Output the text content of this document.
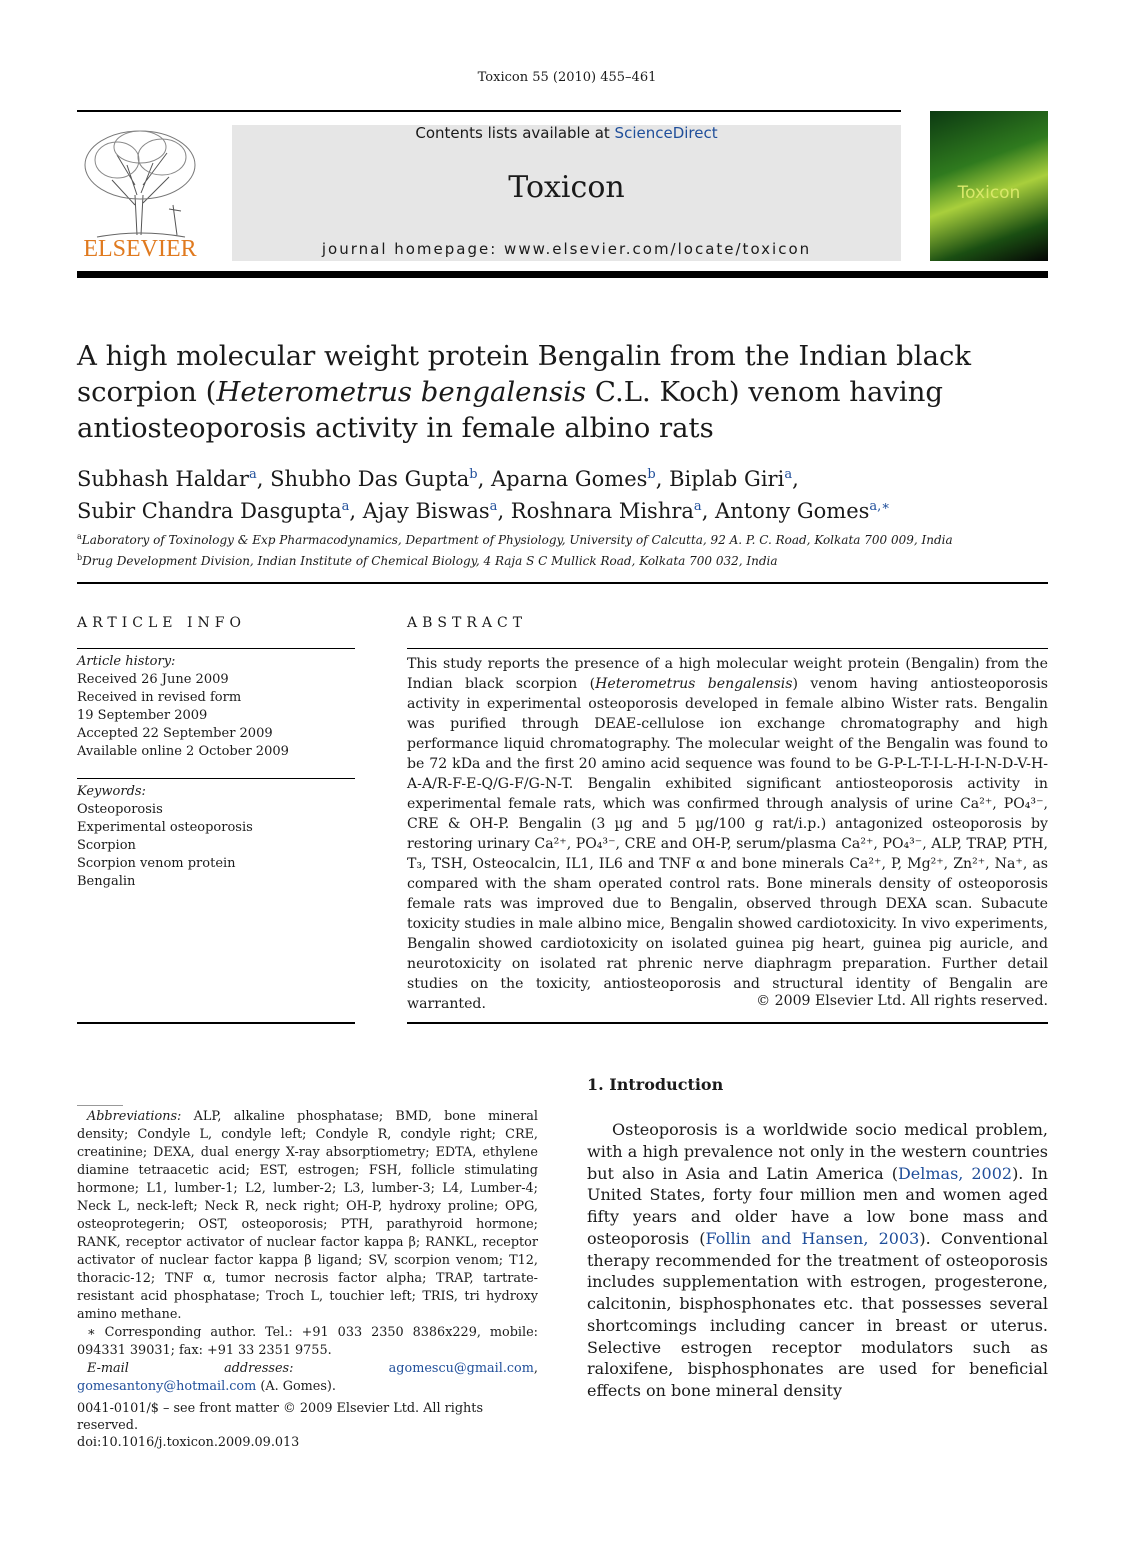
Toxicon 55 (2010) 455–461
ELSEVIER
Contents lists available at ScienceDirect
Toxicon
journal homepage: www.elsevier.com/locate/toxicon
Toxicon
A high molecular weight protein Bengalin from the Indian black
scorpion (Heterometrus bengalensis C.L. Koch) venom having
antiosteoporosis activity in female albino rats
Subhash Haldar$^a$, Shubho Das Gupta$^b$, Aparna Gomes$^b$, Biplab Giri$^a$,
Subir Chandra Dasgupta$^a$, Ajay Biswas$^a$, Roshnara Mishra$^a$, Antony Gomes$^{a,∗}$
$^a$Laboratory of Toxinology & Exp Pharmacodynamics, Department of Physiology, University of Calcutta, 92 A. P. C. Road, Kolkata 700 009, India
$^b$Drug Development Division, Indian Institute of Chemical Biology, 4 Raja S C Mullick Road, Kolkata 700 032, India
ARTICLE INFO	ABSTRACT
Article history:
Received 26 June 2009
Received in revised form
19 September 2009
Accepted 22 September 2009
Available online 2 October 2009
Keywords:
Osteoporosis
Experimental osteoporosis
Scorpion
Scorpion venom protein
Bengalin
This study reports the presence of a high molecular weight protein (Bengalin) from the Indian black scorpion (Heterometrus bengalensis) venom having antiosteoporosis activity in experimental osteoporosis developed in female albino Wister rats. Bengalin was purified through DEAE-cellulose ion exchange chromatography and high performance liquid chromatography. The molecular weight of the Bengalin was found to be 72 kDa and the first 20 amino acid sequence was found to be G-P-L-T-I-L-H-I-N-D-V-H-A-A/R-F-E-Q/G-F/G-N-T. Bengalin exhibited significant antiosteoporosis activity in experimental female rats, which was confirmed through analysis of urine Ca²⁺, PO₄³⁻, CRE & OH-P. Bengalin (3 µg and 5 µg/100 g rat/i.p.) antagonized osteoporosis by restoring urinary Ca²⁺, PO₄³⁻, CRE and OH-P, serum/plasma Ca²⁺, PO₄³⁻, ALP, TRAP, PTH, T₃, TSH, Osteocalcin, IL1, IL6 and TNF α and bone minerals Ca²⁺, P, Mg²⁺, Zn²⁺, Na⁺, as compared with the sham operated control rats. Bone minerals density of osteoporosis female rats was improved due to Bengalin, observed through DEXA scan. Subacute toxicity studies in male albino mice, Bengalin showed cardiotoxicity. In vivo experiments, Bengalin showed cardiotoxicity on isolated guinea pig heart, guinea pig auricle, and neurotoxicity on isolated rat phrenic nerve diaphragm preparation. Further detail studies on the toxicity, antiosteoporosis and structural identity of Bengalin are warranted.	© 2009 Elsevier Ltd. All rights reserved.
1. Introduction

Osteoporosis is a worldwide socio medical problem, with a high prevalence not only in the western countries but also in Asia and Latin America (Delmas, 2002). In United States, forty four million men and women aged fifty years and older have a low bone mass and osteoporosis (Follin and Hansen, 2003). Conventional therapy recommended for the treatment of osteoporosis includes supplementation with estrogen, progesterone, calcitonin, bisphosphonates etc. that possesses several shortcomings including cancer in breast or uterus. Selective estrogen receptor modulators such as raloxifene, bisphosphonates are used for beneficial effects on bone mineral density

Abbreviations: ALP, alkaline phosphatase; BMD, bone mineral density; Condyle L, condyle left; Condyle R, condyle right; CRE, creatinine; DEXA, dual energy X-ray absorptiometry; EDTA, ethylene diamine tetraacetic acid; EST, estrogen; FSH, follicle stimulating hormone; L1, lumber-1; L2, lumber-2; L3, lumber-3; L4, Lumber-4; Neck L, neck-left; Neck R, neck right; OH-P, hydroxy proline; OPG, osteoprotegerin; OST, osteoporosis; PTH, parathyroid hormone; RANK, receptor activator of nuclear factor kappa β; RANKL, receptor activator of nuclear factor kappa β ligand; SV, scorpion venom; T12, thoracic-12; TNF α, tumor necrosis factor alpha; TRAP, tartrate-resistant acid phosphatase; Troch L, touchier left; TRIS, tri hydroxy amino methane.

∗ Corresponding author. Tel.: +91 033 2350 8386x229, mobile: 094331 39031; fax: +91 33 2351 9755.

E-mail addresses:	agomescu@gmail.com, gomesantony@hotmail.com (A. Gomes).

0041-0101/$ – see front matter © 2009 Elsevier Ltd. All rights reserved.
doi:10.1016/j.toxicon.2009.09.013
